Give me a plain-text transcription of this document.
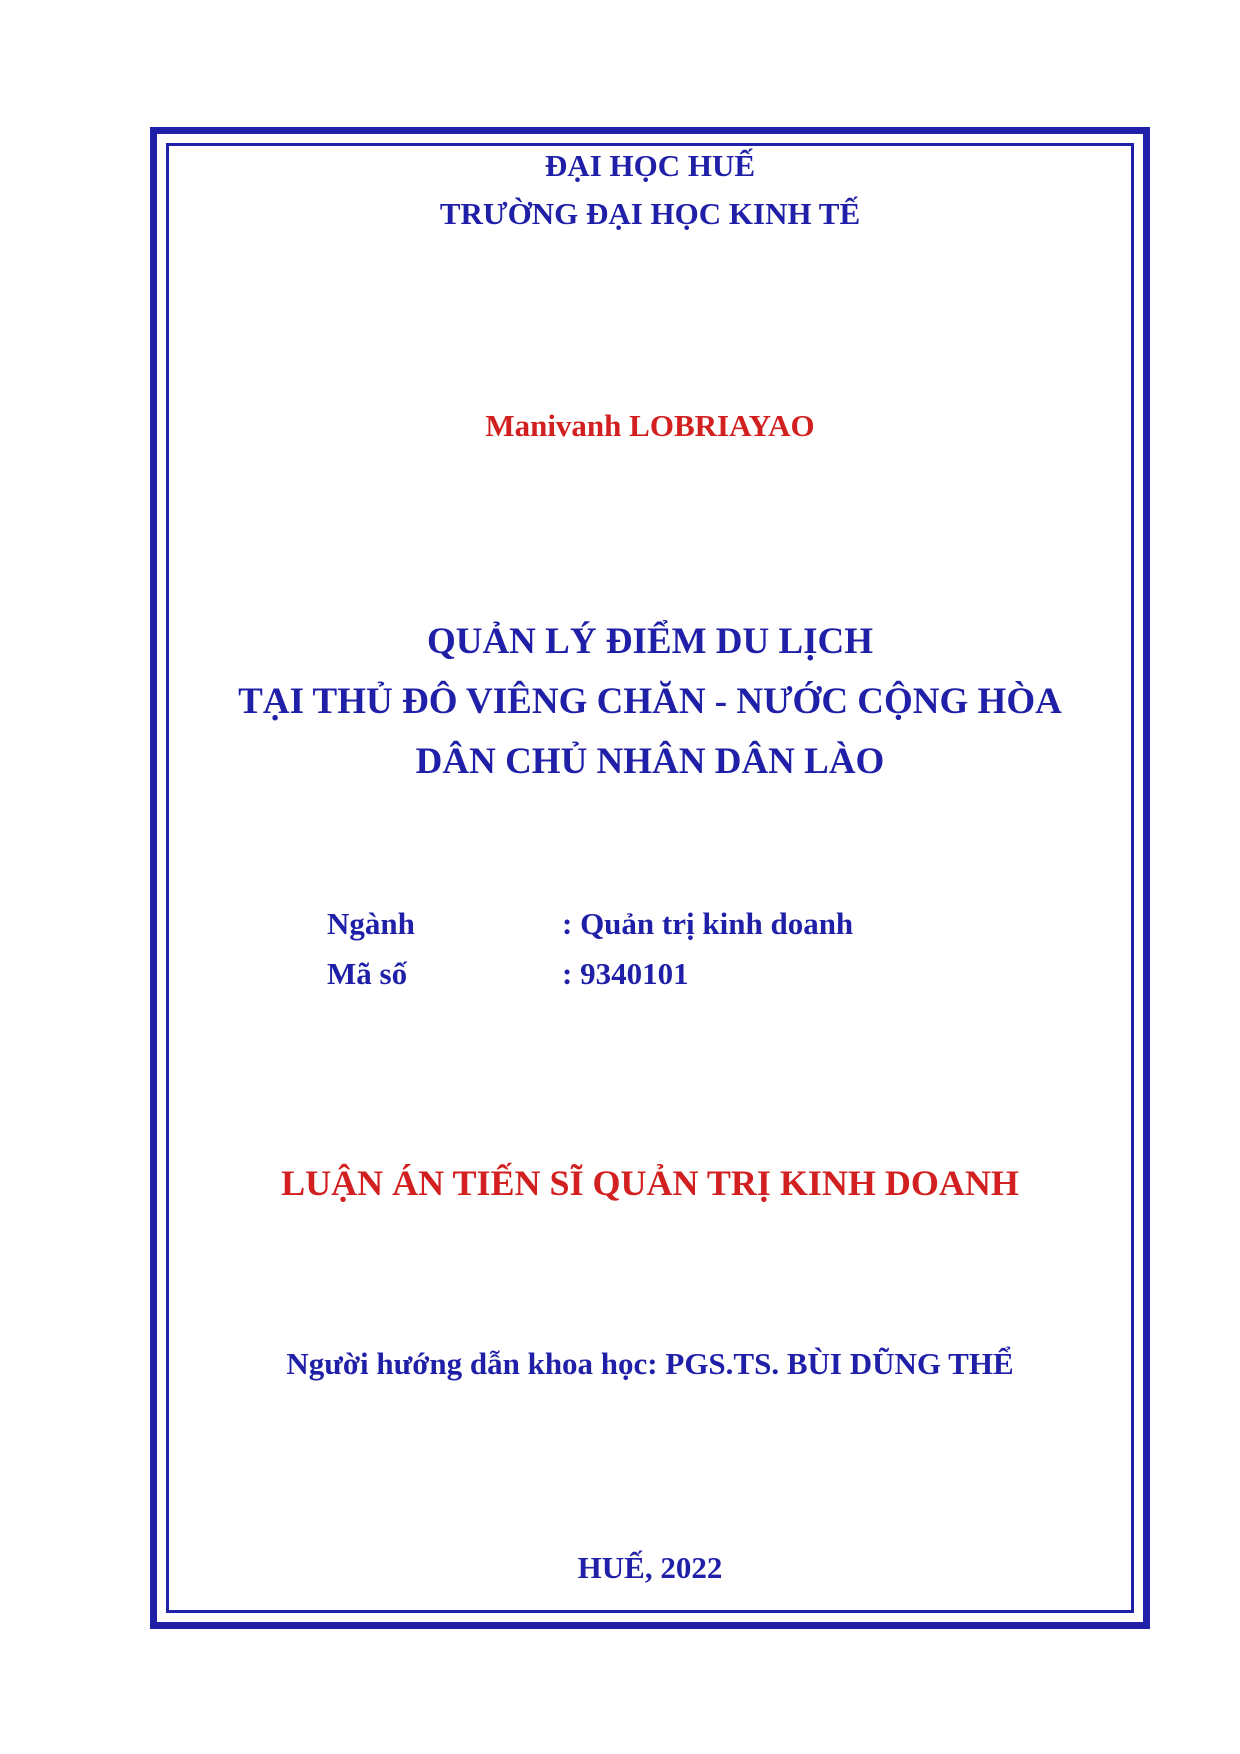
ĐẠI HỌC HUẾ
TRƯỜNG ĐẠI HỌC KINH TẾ
Manivanh LOBRIAYAO
QUẢN LÝ ĐIỂM DU LỊCH
TẠI THỦ ĐÔ VIÊNG CHĂN - NƯỚC CỘNG HÒA
DÂN CHỦ NHÂN DÂN LÀO
Ngành	: Quản trị kinh doanh
Mã số	: 9340101
LUẬN ÁN TIẾN SĨ QUẢN TRỊ KINH DOANH
Người hướng dẫn khoa học: PGS.TS. BÙI DŨNG THỂ
HUẾ, 2022
